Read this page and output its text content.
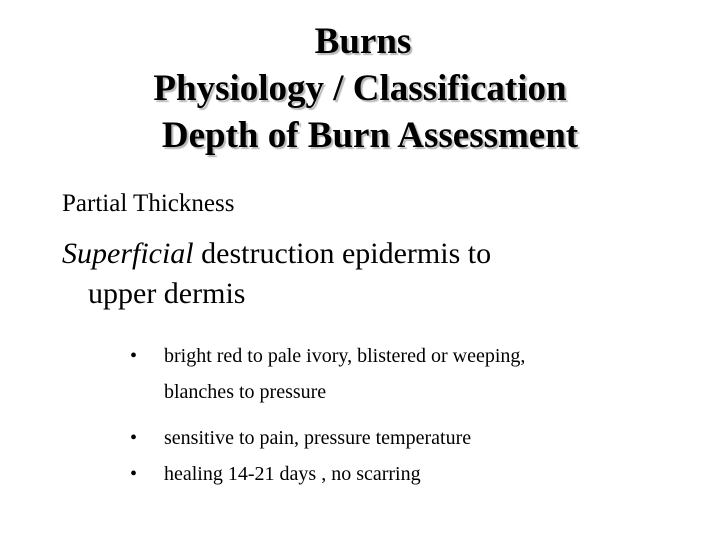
Burns
Physiology / Classification
Depth of Burn Assessment
Partial Thickness
Superficial destruction epidermis to
upper dermis
• bright red to pale ivory, blistered or weeping,
blanches to pressure
• sensitive to pain, pressure temperature
• healing 14-21 days , no scarring
